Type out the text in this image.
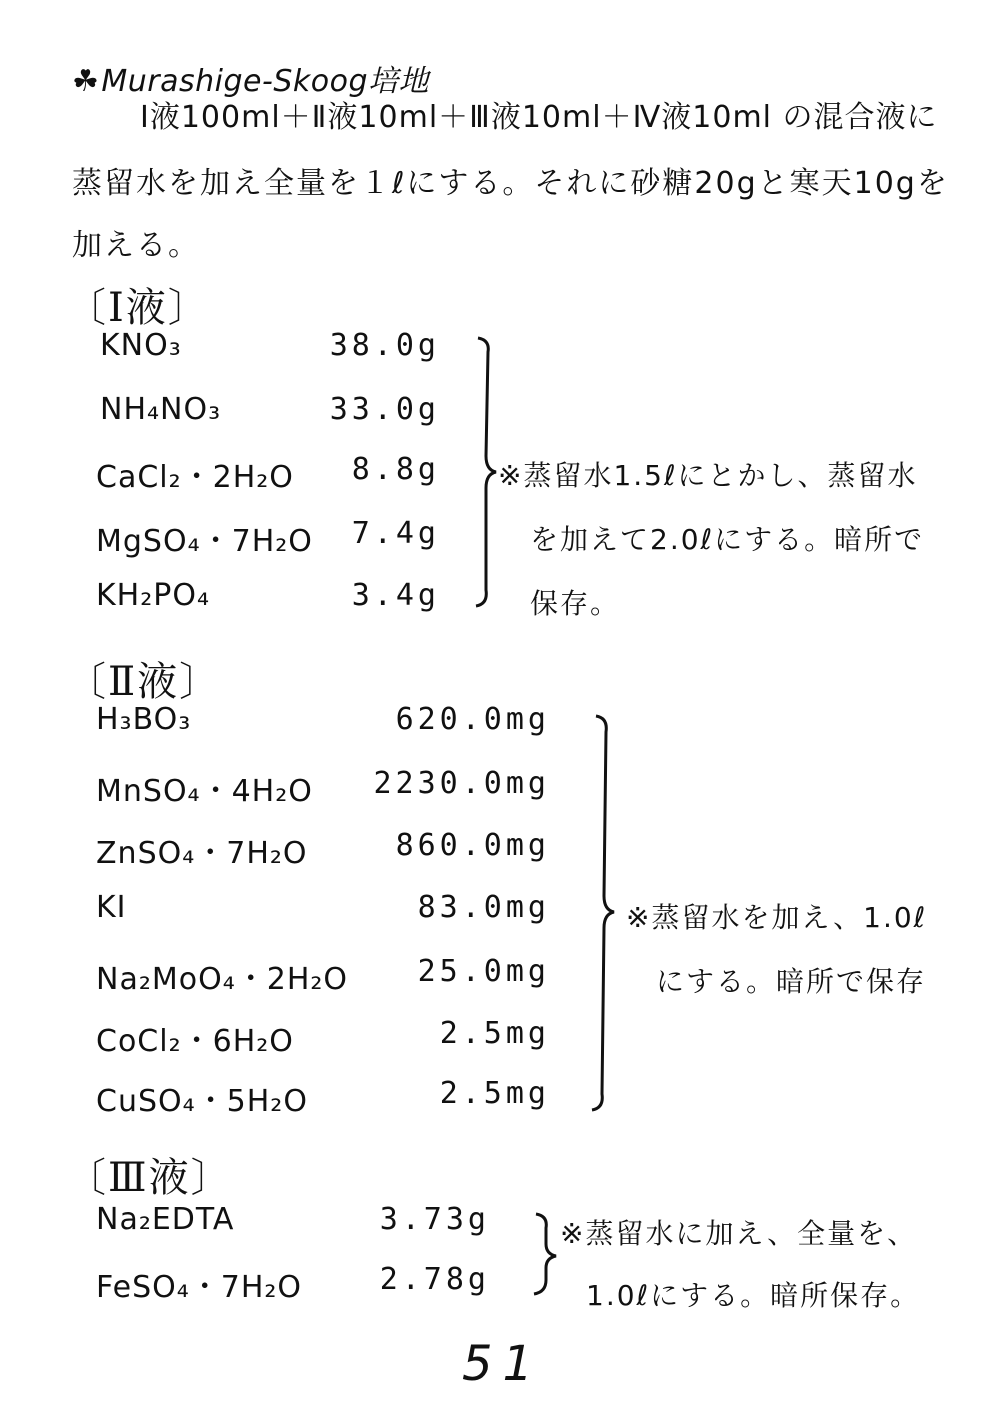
☘Murashige-Skoog培地
Ⅰ液100ml＋Ⅱ液10ml＋Ⅲ液10ml＋Ⅳ液10ml の混合液に
蒸留水を加え全量を１ℓにする。それに砂糖20gと寒天10gを
加える。
〔Ⅰ液〕
KNO₃	38.0g
NH₄NO₃	33.0g
CaCl₂・2H₂O	8.8g
MgSO₄・7H₂O	7.4g
KH₂PO₄	3.4g
※蒸留水1.5ℓにとかし、蒸留水
を加えて2.0ℓにする。暗所で
保存。
〔Ⅱ液〕
H₃BO₃	620.0mg
MnSO₄・4H₂O	2230.0mg
ZnSO₄・7H₂O	860.0mg
KI	83.0mg
Na₂MoO₄・2H₂O	25.0mg
CoCl₂・6H₂O	2.5mg
CuSO₄・5H₂O	2.5mg
※蒸留水を加え、1.0ℓ
にする。暗所で保存
〔Ⅲ液〕
Na₂EDTA	3.73g
FeSO₄・7H₂O	2.78g
※蒸留水に加え、全量を、
1.0ℓにする。暗所保存。
51
